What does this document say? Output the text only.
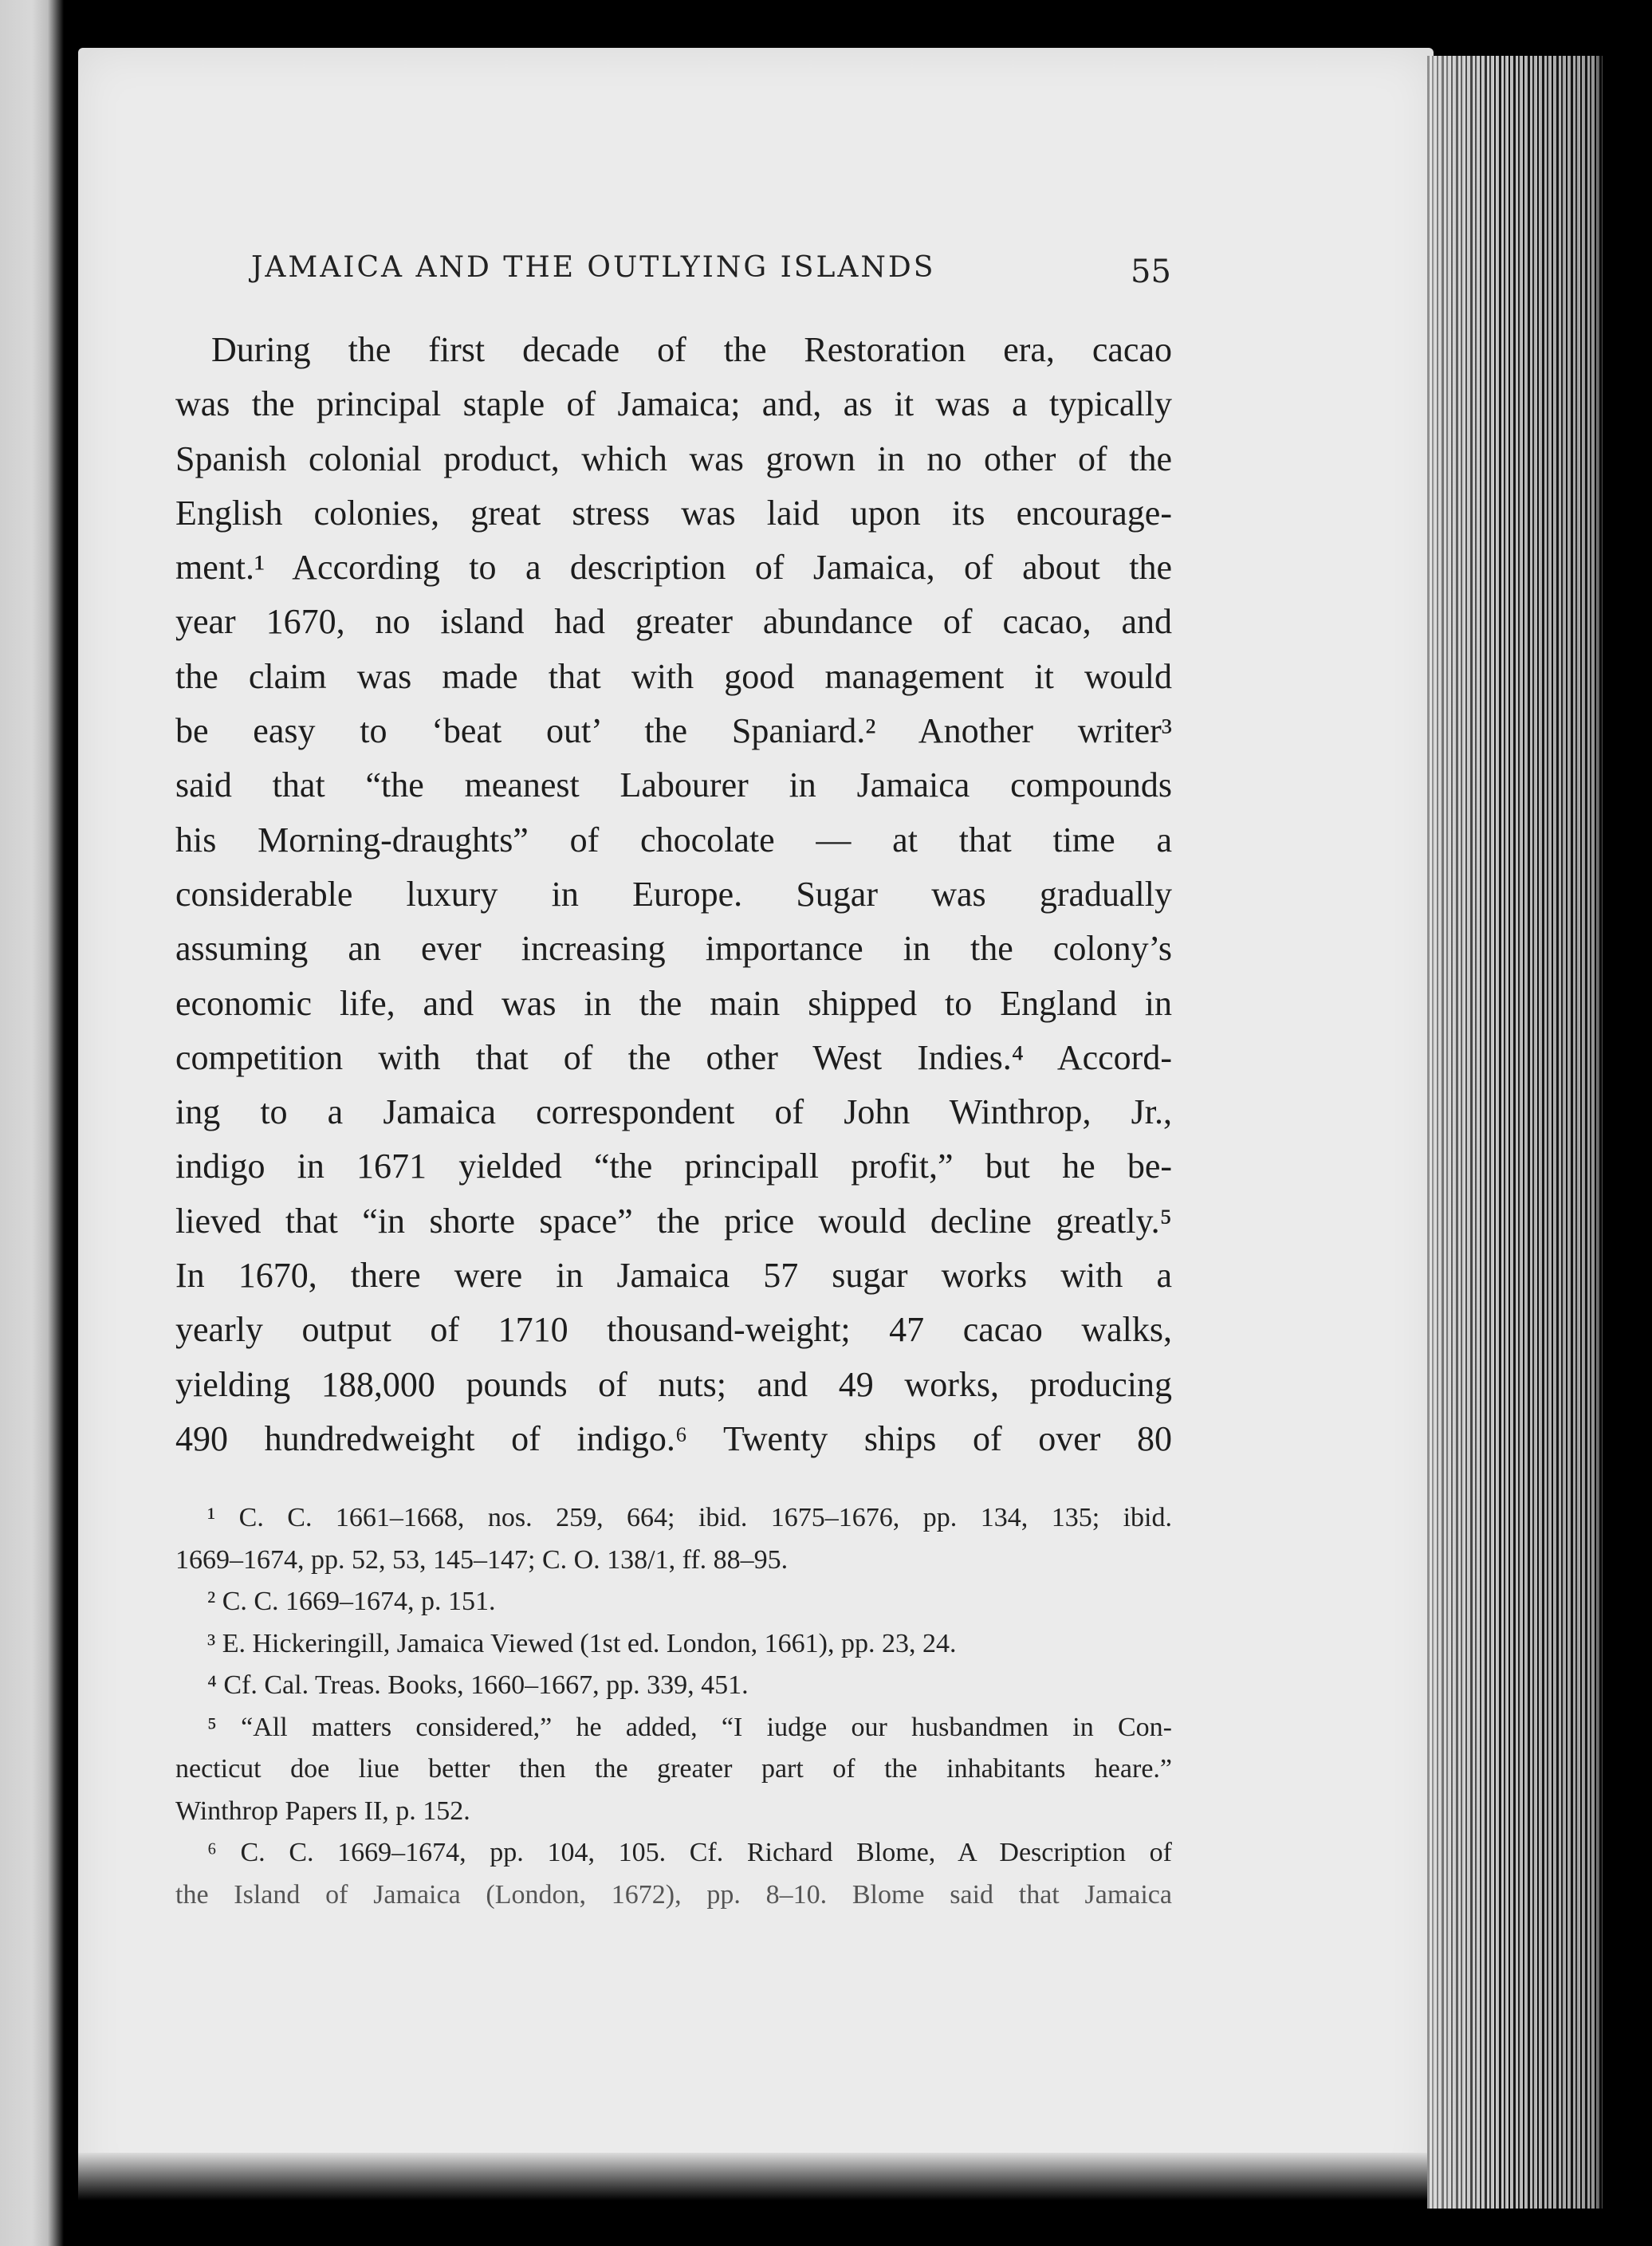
JAMAICA AND THE OUTLYING ISLANDS	55
During the first decade of the Restoration era, cacao
was the principal staple of Jamaica; and, as it was a typically
Spanish colonial product, which was grown in no other of the
English colonies, great stress was laid upon its encourage-
ment.¹ According to a description of Jamaica, of about the
year 1670, no island had greater abundance of cacao, and
the claim was made that with good management it would
be easy to ‘beat out’ the Spaniard.² Another writer³
said that “the meanest Labourer in Jamaica compounds
his Morning-draughts” of chocolate — at that time a
considerable luxury in Europe. Sugar was gradually
assuming an ever increasing importance in the colony’s
economic life, and was in the main shipped to England in
competition with that of the other West Indies.⁴ Accord-
ing to a Jamaica correspondent of John Winthrop, Jr.,
indigo in 1671 yielded “the principall profit,” but he be-
lieved that “in shorte space” the price would decline greatly.⁵
In 1670, there were in Jamaica 57 sugar works with a
yearly output of 1710 thousand-weight; 47 cacao walks,
yielding 188,000 pounds of nuts; and 49 works, producing
490 hundredweight of indigo.⁶ Twenty ships of over 80
¹ C. C. 1661–1668, nos. 259, 664; ibid. 1675–1676, pp. 134, 135; ibid.
1669–1674, pp. 52, 53, 145–147; C. O. 138/1, ff. 88–95.
² C. C. 1669–1674, p. 151.
³ E. Hickeringill, Jamaica Viewed (1st ed. London, 1661), pp. 23, 24.
⁴ Cf. Cal. Treas. Books, 1660–1667, pp. 339, 451.
⁵ “All matters considered,” he added, “I iudge our husbandmen in Con-
necticut doe liue better then the greater part of the inhabitants heare.”
Winthrop Papers II, p. 152.
⁶ C. C. 1669–1674, pp. 104, 105. Cf. Richard Blome, A Description of
the Island of Jamaica (London, 1672), pp. 8–10. Blome said that Jamaica
